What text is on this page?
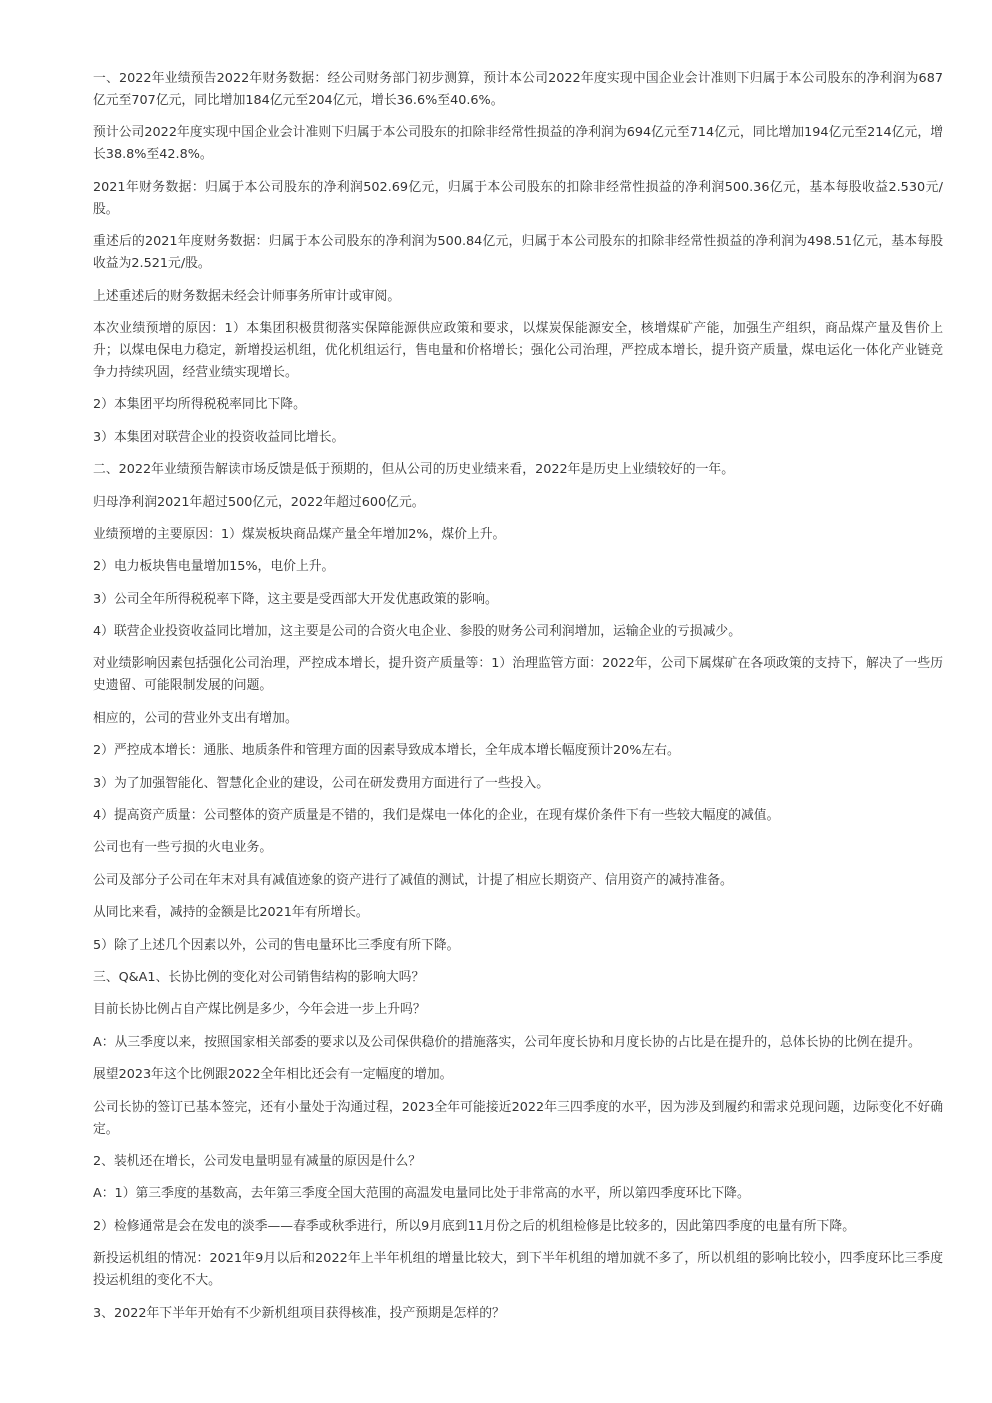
一、2022年业绩预告2022年财务数据：经公司财务部门初步测算，预计本公司2022年度实现中国企业会计准则下归属于本公司股东的净利润为687亿元至707亿元，同比增加184亿元至204亿元，增长36.6%至40.6%。

预计公司2022年度实现中国企业会计准则下归属于本公司股东的扣除非经常性损益的净利润为694亿元至714亿元，同比增加194亿元至214亿元，增长38.8%至42.8%。

2021年财务数据：归属于本公司股东的净利润502.69亿元，归属于本公司股东的扣除非经常性损益的净利润500.36亿元，基本每股收益2.530元/股。

重述后的2021年度财务数据：归属于本公司股东的净利润为500.84亿元，归属于本公司股东的扣除非经常性损益的净利润为498.51亿元，基本每股收益为2.521元/股。

上述重述后的财务数据未经会计师事务所审计或审阅。

本次业绩预增的原因：1）本集团积极贯彻落实保障能源供应政策和要求，以煤炭保能源安全，核增煤矿产能，加强生产组织，商品煤产量及售价上升；以煤电保电力稳定，新增投运机组，优化机组运行，售电量和价格增长；强化公司治理，严控成本增长，提升资产质量，煤电运化一体化产业链竞争力持续巩固，经营业绩实现增长。

2）本集团平均所得税税率同比下降。

3）本集团对联营企业的投资收益同比增长。

二、2022年业绩预告解读市场反馈是低于预期的，但从公司的历史业绩来看，2022年是历史上业绩较好的一年。

归母净利润2021年超过500亿元，2022年超过600亿元。

业绩预增的主要原因：1）煤炭板块商品煤产量全年增加2%，煤价上升。

2）电力板块售电量增加15%，电价上升。

3）公司全年所得税税率下降，这主要是受西部大开发优惠政策的影响。

4）联营企业投资收益同比增加，这主要是公司的合资火电企业、参股的财务公司利润增加，运输企业的亏损减少。

对业绩影响因素包括强化公司治理，严控成本增长，提升资产质量等：1）治理监管方面：2022年，公司下属煤矿在各项政策的支持下，解决了一些历史遗留、可能限制发展的问题。

相应的，公司的营业外支出有增加。

2）严控成本增长：通胀、地质条件和管理方面的因素导致成本增长，全年成本增长幅度预计20%左右。

3）为了加强智能化、智慧化企业的建设，公司在研发费用方面进行了一些投入。

4）提高资产质量：公司整体的资产质量是不错的，我们是煤电一体化的企业，在现有煤价条件下有一些较大幅度的减值。

公司也有一些亏损的火电业务。

公司及部分子公司在年末对具有减值迹象的资产进行了减值的测试，计提了相应长期资产、信用资产的减持准备。

从同比来看，减持的金额是比2021年有所增长。

5）除了上述几个因素以外，公司的售电量环比三季度有所下降。

三、Q&A1、长协比例的变化对公司销售结构的影响大吗？

目前长协比例占自产煤比例是多少，今年会进一步上升吗？

A：从三季度以来，按照国家相关部委的要求以及公司保供稳价的措施落实，公司年度长协和月度长协的占比是在提升的，总体长协的比例在提升。

展望2023年这个比例跟2022全年相比还会有一定幅度的增加。

公司长协的签订已基本签完，还有小量处于沟通过程，2023全年可能接近2022年三四季度的水平，因为涉及到履约和需求兑现问题，边际变化不好确定。

2、装机还在增长，公司发电量明显有减量的原因是什么？

A：1）第三季度的基数高，去年第三季度全国大范围的高温发电量同比处于非常高的水平，所以第四季度环比下降。

2）检修通常是会在发电的淡季——春季或秋季进行，所以9月底到11月份之后的机组检修是比较多的，因此第四季度的电量有所下降。

新投运机组的情况：2021年9月以后和2022年上半年机组的增量比较大，到下半年机组的增加就不多了，所以机组的影响比较小，四季度环比三季度投运机组的变化不大。

3、2022年下半年开始有不少新机组项目获得核准，投产预期是怎样的？
